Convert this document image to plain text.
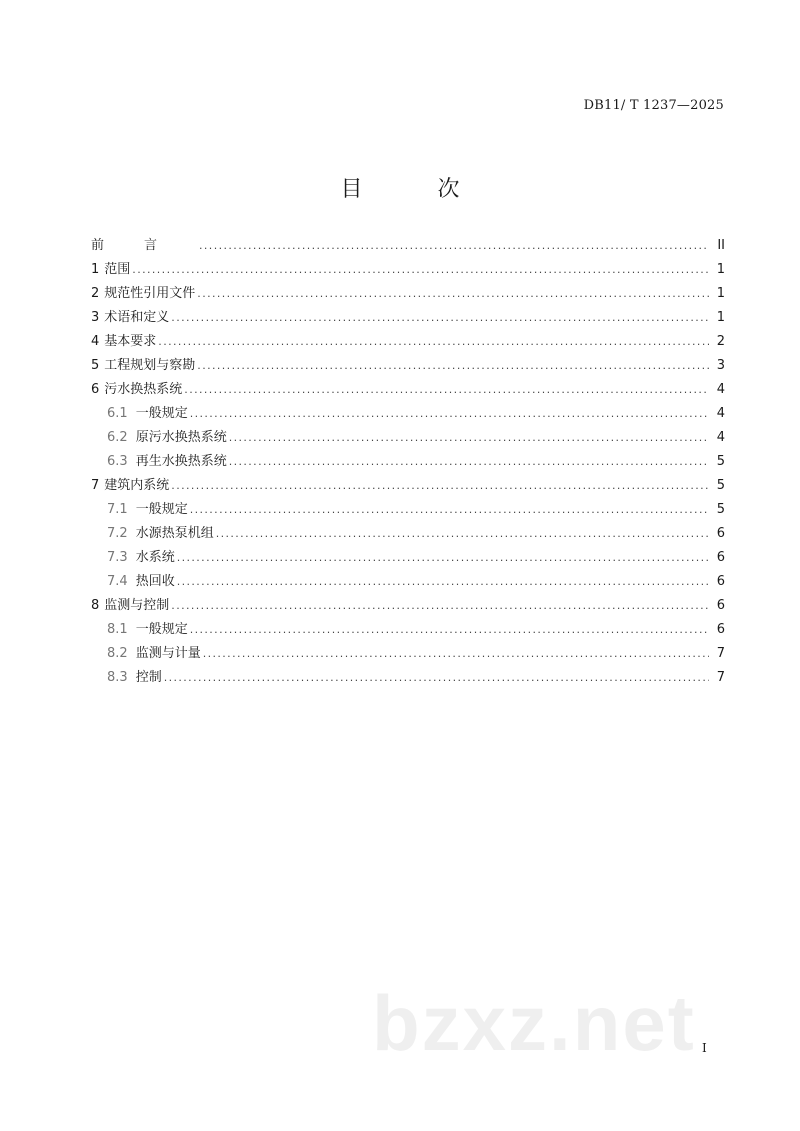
DB11/ T 1237—2025
目 次
前言 .....	II
1 范围 .....	1
2 规范性引用文件 .....	1
3 术语和定义 .....	1
4 基本要求 .....	2
5 工程规划与察勘 .....	3
6 污水换热系统 .....	4
6.1 一般规定 .....	4
6.2 原污水换热系统 .....	4
6.3 再生水换热系统 .....	5
7 建筑内系统 .....	5
7.1 一般规定 .....	5
7.2 水源热泵机组 .....	6
7.3 水系统 .....	6
7.4 热回收 .....	6
8 监测与控制 .....	6
8.1 一般规定 .....	6
8.2 监测与计量 .....	7
8.3 控制 .....	7
bzxz.net I
